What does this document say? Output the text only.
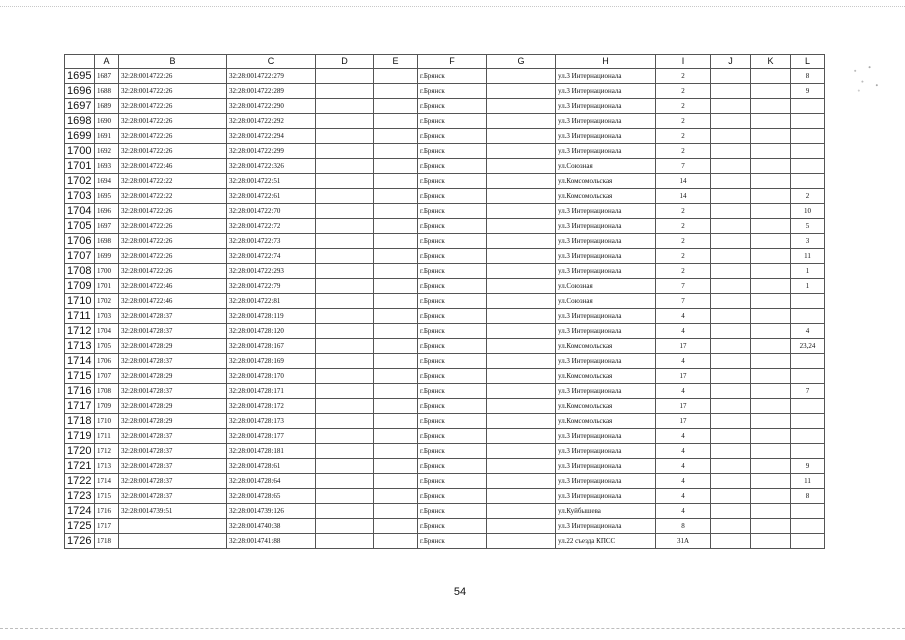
	A	B	C	D	E	F	G	H	I	J	K	L
1695	1687	32:28:0014722:26	32:28:0014722:279			г.Брянск		ул.3 Интернационала	2			8
1696	1688	32:28:0014722:26	32:28:0014722:289			г.Брянск		ул.3 Интернационала	2			9
1697	1689	32:28:0014722:26	32:28:0014722:290			г.Брянск		ул.3 Интернационала	2			
1698	1690	32:28:0014722:26	32:28:0014722:292			г.Брянск		ул.3 Интернационала	2			
1699	1691	32:28:0014722:26	32:28:0014722:294			г.Брянск		ул.3 Интернационала	2			
1700	1692	32:28:0014722:26	32:28:0014722:299			г.Брянск		ул.3 Интернационала	2			
1701	1693	32:28:0014722:46	32:28:0014722:326			г.Брянск		ул.Союзная	7			
1702	1694	32:28:0014722:22	32:28:0014722:51			г.Брянск		ул.Комсомольская	14			
1703	1695	32:28:0014722:22	32:28:0014722:61			г.Брянск		ул.Комсомольская	14			2
1704	1696	32:28:0014722:26	32:28:0014722:70			г.Брянск		ул.3 Интернационала	2			10
1705	1697	32:28:0014722:26	32:28:0014722:72			г.Брянск		ул.3 Интернационала	2			5
1706	1698	32:28:0014722:26	32:28:0014722:73			г.Брянск		ул.3 Интернационала	2			3
1707	1699	32:28:0014722:26	32:28:0014722:74			г.Брянск		ул.3 Интернационала	2			11
1708	1700	32:28:0014722:26	32:28:0014722:293			г.Брянск		ул.3 Интернационала	2			1
1709	1701	32:28:0014722:46	32:28:0014722:79			г.Брянск		ул.Союзная	7			1
1710	1702	32:28:0014722:46	32:28:0014722:81			г.Брянск		ул.Союзная	7			
1711	1703	32:28:0014728:37	32:28:0014728:119			г.Брянск		ул.3 Интернационала	4			
1712	1704	32:28:0014728:37	32:28:0014728:120			г.Брянск		ул.3 Интернационала	4			4
1713	1705	32:28:0014728:29	32:28:0014728:167			г.Брянск		ул.Комсомольская	17			23,24
1714	1706	32:28:0014728:37	32:28:0014728:169			г.Брянск		ул.3 Интернационала	4			
1715	1707	32:28:0014728:29	32:28:0014728:170			г.Брянск		ул.Комсомольская	17			
1716	1708	32:28:0014728:37	32:28:0014728:171			г.Брянск		ул.3 Интернационала	4			7
1717	1709	32:28:0014728:29	32:28:0014728:172			г.Брянск		ул.Комсомольская	17			
1718	1710	32:28:0014728:29	32:28:0014728:173			г.Брянск		ул.Комсомольская	17			
1719	1711	32:28:0014728:37	32:28:0014728:177			г.Брянск		ул.3 Интернационала	4			
1720	1712	32:28:0014728:37	32:28:0014728:181			г.Брянск		ул.3 Интернационала	4			
1721	1713	32:28:0014728:37	32:28:0014728:61			г.Брянск		ул.3 Интернационала	4			9
1722	1714	32:28:0014728:37	32:28:0014728:64			г.Брянск		ул.3 Интернационала	4			11
1723	1715	32:28:0014728:37	32:28:0014728:65			г.Брянск		ул.3 Интернационала	4			8
1724	1716	32:28:0014739:51	32:28:0014739:126			г.Брянск		ул.Куйбышева	4			
1725	1717		32:28:0014740:38			г.Брянск		ул.3 Интернационала	8			
1726	1718		32:28:0014741:88			г.Брянск		ул.22 съезда КПСС	31А			
54
